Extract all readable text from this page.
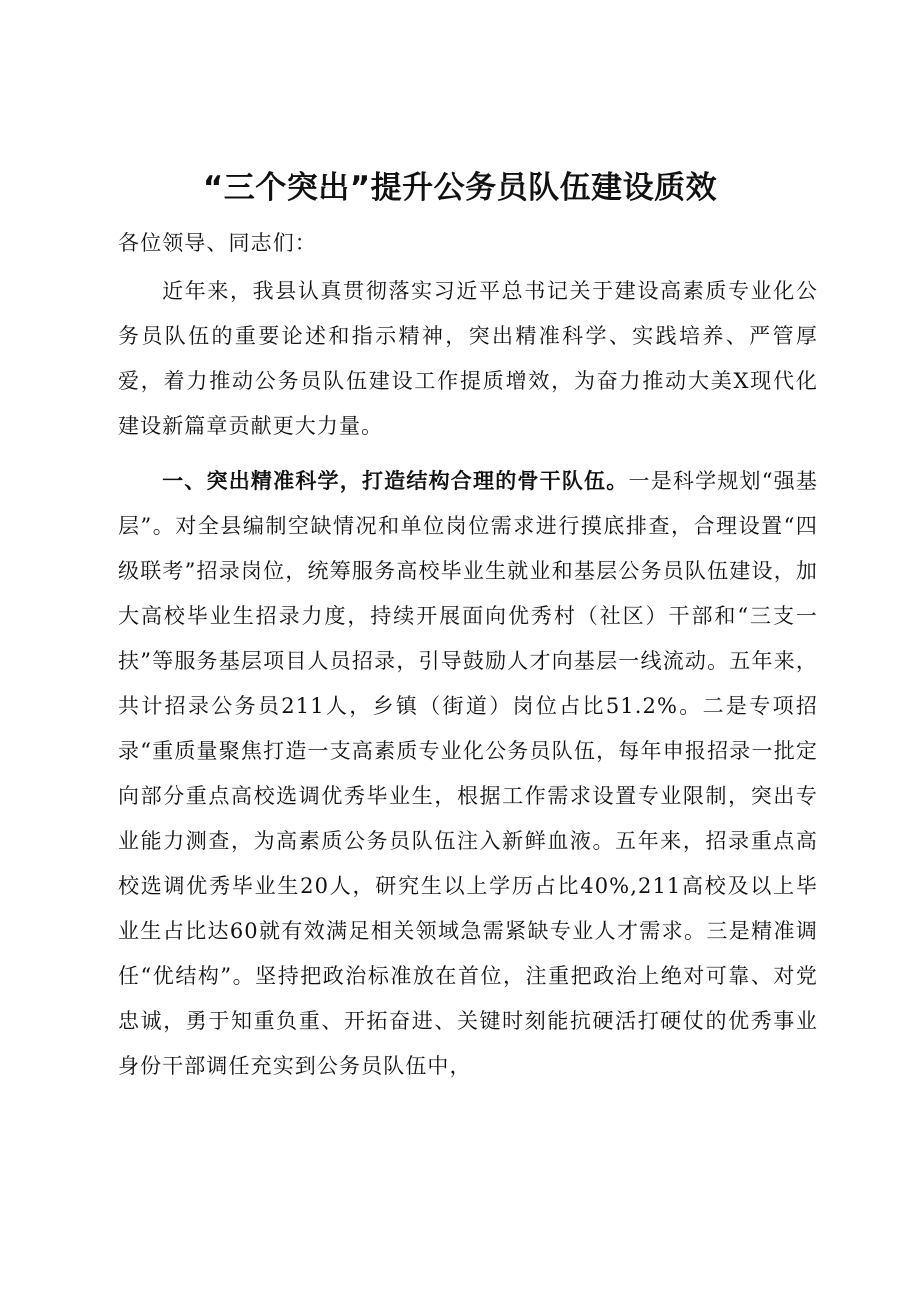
“三个突出”提升公务员队伍建设质效

各位领导、同志们：

近年来，我县认真贯彻落实习近平总书记关于建设高素质专业化公务员队伍的重要论述和指示精神，突出精准科学、实践培养、严管厚爱，着力推动公务员队伍建设工作提质增效，为奋力推动大美X现代化建设新篇章贡献更大力量。

一、突出精准科学，打造结构合理的骨干队伍。一是科学规划“强基层”。对全县编制空缺情况和单位岗位需求进行摸底排查，合理设置“四级联考”招录岗位，统筹服务高校毕业生就业和基层公务员队伍建设，加大高校毕业生招录力度，持续开展面向优秀村（社区）干部和“三支一扶”等服务基层项目人员招录，引导鼓励人才向基层一线流动。五年来，共计招录公务员211人，乡镇（街道）岗位占比51.2%。二是专项招录“重质量聚焦打造一支高素质专业化公务员队伍，每年申报招录一批定向部分重点高校选调优秀毕业生，根据工作需求设置专业限制，突出专业能力测查，为高素质公务员队伍注入新鲜血液。五年来，招录重点高校选调优秀毕业生20人，研究生以上学历占比40%,211高校及以上毕业生占比达60就有效满足相关领域急需紧缺专业人才需求。三是精准调任“优结构”。坚持把政治标准放在首位，注重把政治上绝对可靠、对党忠诚，勇于知重负重、开拓奋进、关键时刻能抗硬活打硬仗的优秀事业身份干部调任充实到公务员队伍中，
